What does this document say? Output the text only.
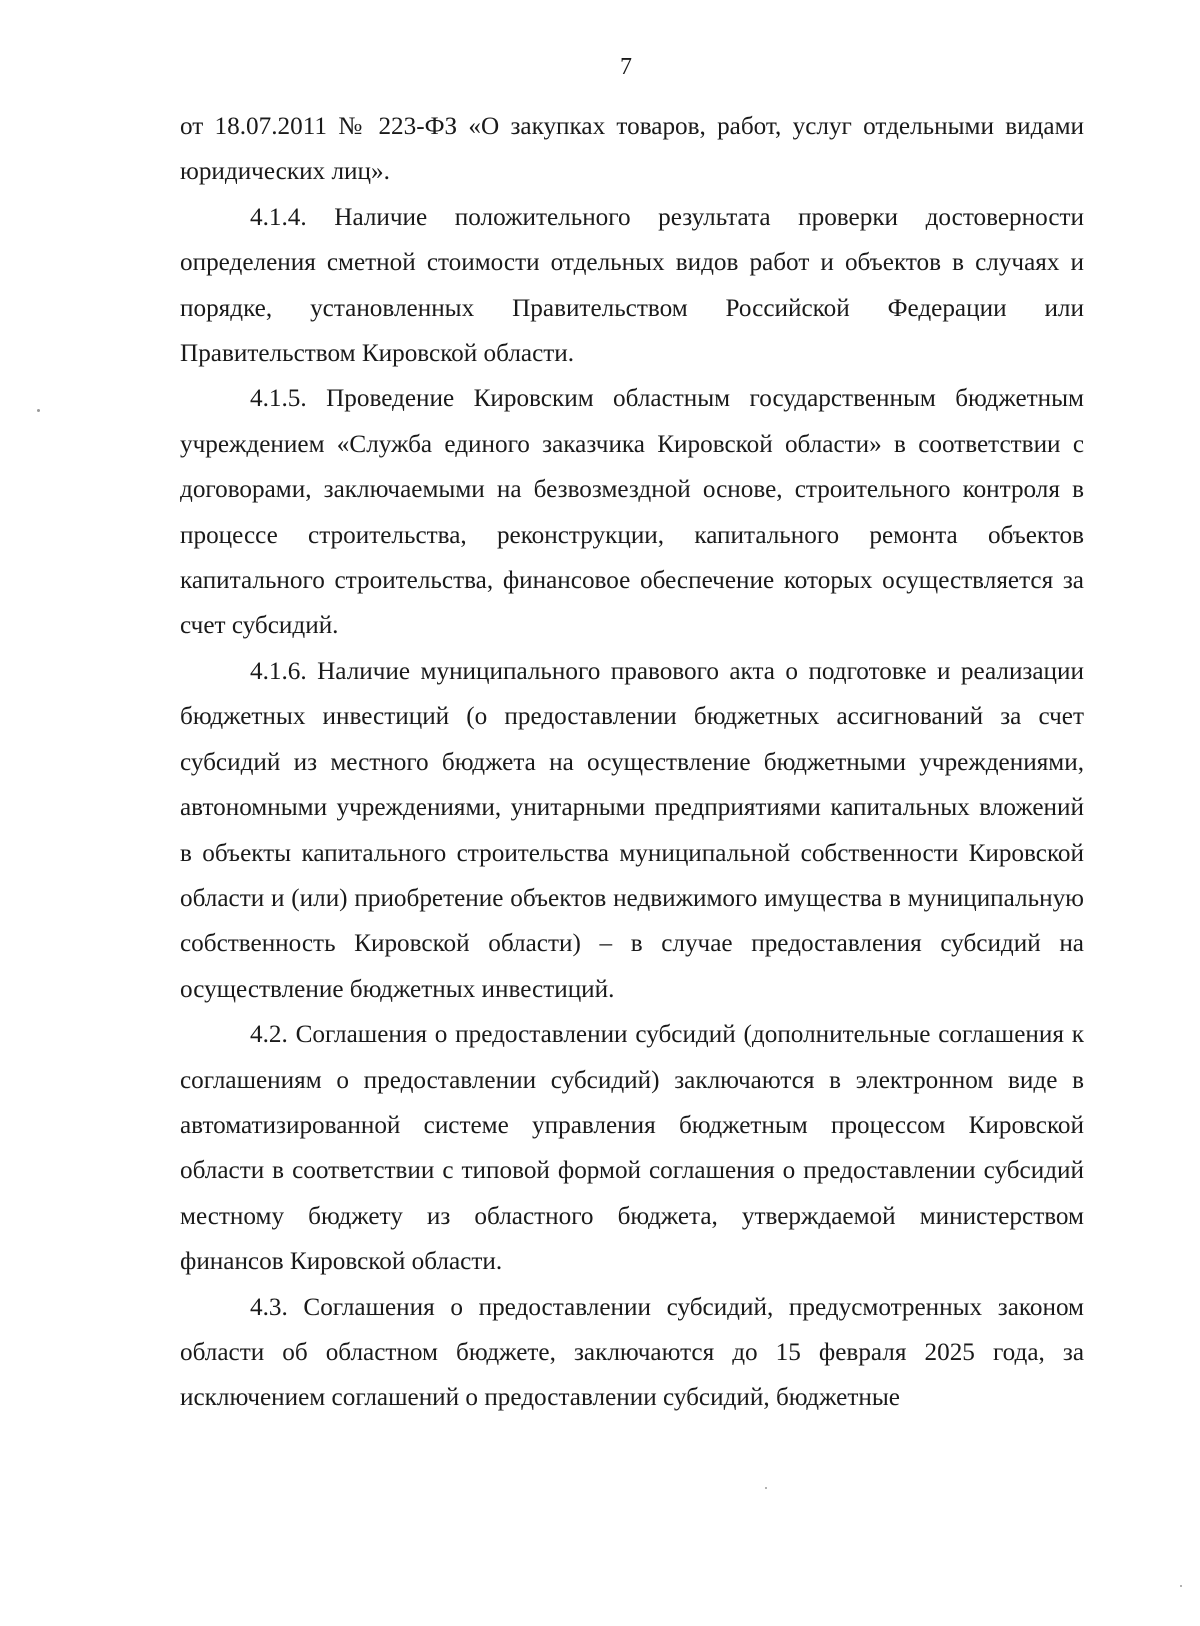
7

от 18.07.2011 № 223-ФЗ «О закупках товаров, работ, услуг отдельными видами юридических лиц».

4.1.4. Наличие положительного результата проверки достоверности определения сметной стоимости отдельных видов работ и объектов в случаях и порядке, установленных Правительством Российской Федерации или Правительством Кировской области.

4.1.5. Проведение Кировским областным государственным бюджетным учреждением «Служба единого заказчика Кировской области» в соответствии с договорами, заключаемыми на безвозмездной основе, строительного контроля в процессе строительства, реконструкции, капитального ремонта объектов капитального строительства, финансовое обеспечение которых осуществляется за счет субсидий.

4.1.6. Наличие муниципального правового акта о подготовке и реализации бюджетных инвестиций (о предоставлении бюджетных ассигнований за счет субсидий из местного бюджета на осуществление бюджетными учреждениями, автономными учреждениями, унитарными предприятиями капитальных вложений в объекты капитального строительства муниципальной собственности Кировской области и (или) приобретение объектов недвижимого имущества в муниципальную собственность Кировской области) – в случае предоставления субсидий на осуществление бюджетных инвестиций.

4.2. Соглашения о предоставлении субсидий (дополнительные соглашения к соглашениям о предоставлении субсидий) заключаются в электронном виде в автоматизированной системе управления бюджетным процессом Кировской области в соответствии с типовой формой соглашения о предоставлении субсидий местному бюджету из областного бюджета, утверждаемой министерством финансов Кировской области.

4.3. Соглашения о предоставлении субсидий, предусмотренных законом области об областном бюджете, заключаются до 15 февраля 2025 года, за исключением соглашений о предоставлении субсидий, бюджетные
